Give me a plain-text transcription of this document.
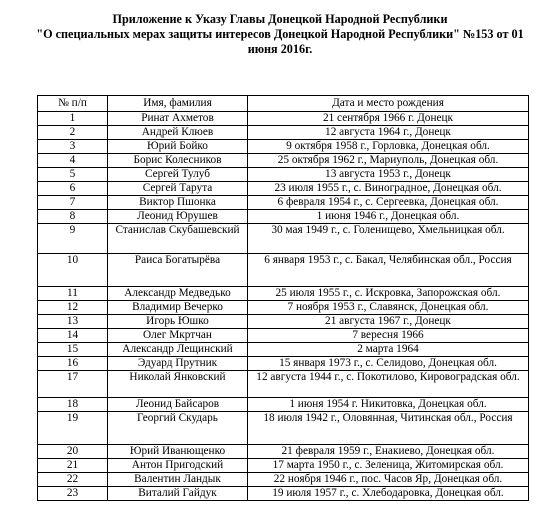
Приложение к Указу Главы Донецкой Народной Республики
"О специальных мерах защиты интересов Донецкой Народной Республики" №153 от 01
июня 2016г.
№ п/п	Имя, фамилия	Дата и место рождения
1	Ринат Ахметов	21 сентября 1966 г. Донецк
2	Андрей Клюев	12 августа 1964 г., Донецк
3	Юрий Бойко	9 октября 1958 г., Горловка, Донецкая обл.
4	Борис Колесников	25 октября 1962 г., Мариуполь, Донецкая обл.
5	Сергей Тулуб	13 августа 1953 г., Донецк
6	Сергей Тарута	23 июля 1955 г., с. Виноградное, Донецкая обл.
7	Виктор Пшонка	6 февраля 1954 г., с. Сергеевка, Донецкая обл.
8	Леонид Юрушев	1 июня 1946 г., Донецкая обл.
9	Станислав Скубашевский	30 мая 1949 г., с. Голенищево, Хмельницкая обл.
10	Раиса Богатырёва	6 января 1953 г., с. Бакал, Челябинская обл., Россия
11	Александр Медведько	25 июля 1955 г., с. Искровка, Запорожская обл.
12	Владимир Вечерко	7 ноября 1953 г., Славянск, Донецкая обл.
13	Игорь Юшко	21 августа 1967 г., Донецк
14	Олег Мкртчан	7 вересня 1966
15	Александр Лещинский	2 марта 1964
16	Эдуард Прутник	15 января 1973 г., с. Селидово, Донецкая обл.
17	Николай Янковский	12 августа 1944 г., с. Покотилово, Кировоградская обл.
18	Леонид Байсаров	1 июня 1954 г. Никитовка, Донецкая обл.
19	Георгий Скударь	18 июля 1942 г., Оловянная, Читинская обл., Россия
20	Юрий Иванющенко	21 февраля 1959 г., Енакиево, Донецкая обл.
21	Антон Пригодский	17 марта 1950 г., с. Зеленица, Житомирская обл.
22	Валентин Ландык	22 ноября 1946 г., пос. Часов Яр, Донецкая обл.
23	Виталий Гайдук	19 июля 1957 г., с. Хлебодаровка, Донецкая обл.
